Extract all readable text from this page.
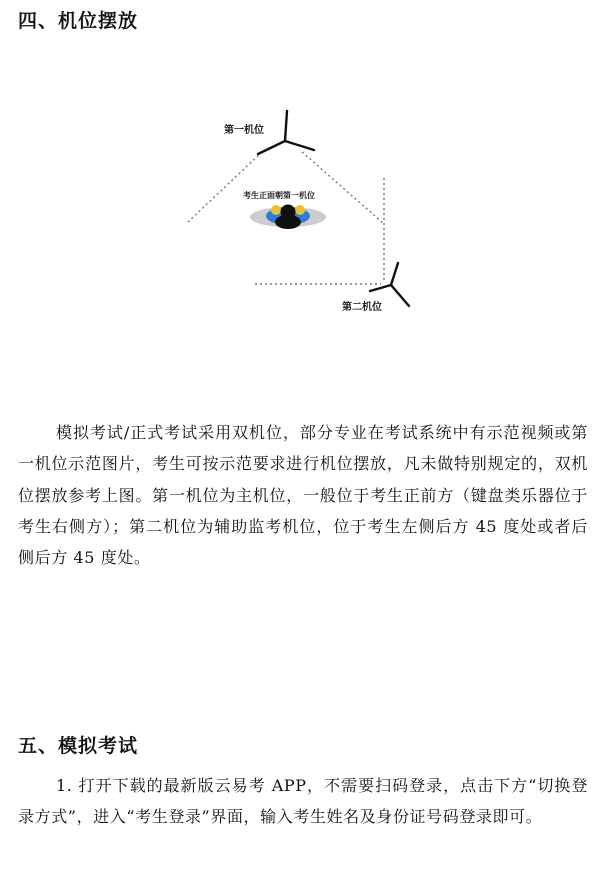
四、机位摆放
第一机位
考生正面朝第一机位
第二机位
模拟考试/正式考试采用双机位，部分专业在考试系统中有示范视频或第一机位示范图片，考生可按示范要求进行机位摆放，凡未做特别规定的，双机位摆放参考上图。第一机位为主机位，一般位于考生正前方（键盘类乐器位于考生右侧方）；第二机位为辅助监考机位，位于考生左侧后方 45 度处或者后侧后方 45 度处。
五、模拟考试
1. 打开下载的最新版云易考 APP，不需要扫码登录，点击下方“切换登录方式”，进入“考生登录”界面，输入考生姓名及身份证号码登录即可。
